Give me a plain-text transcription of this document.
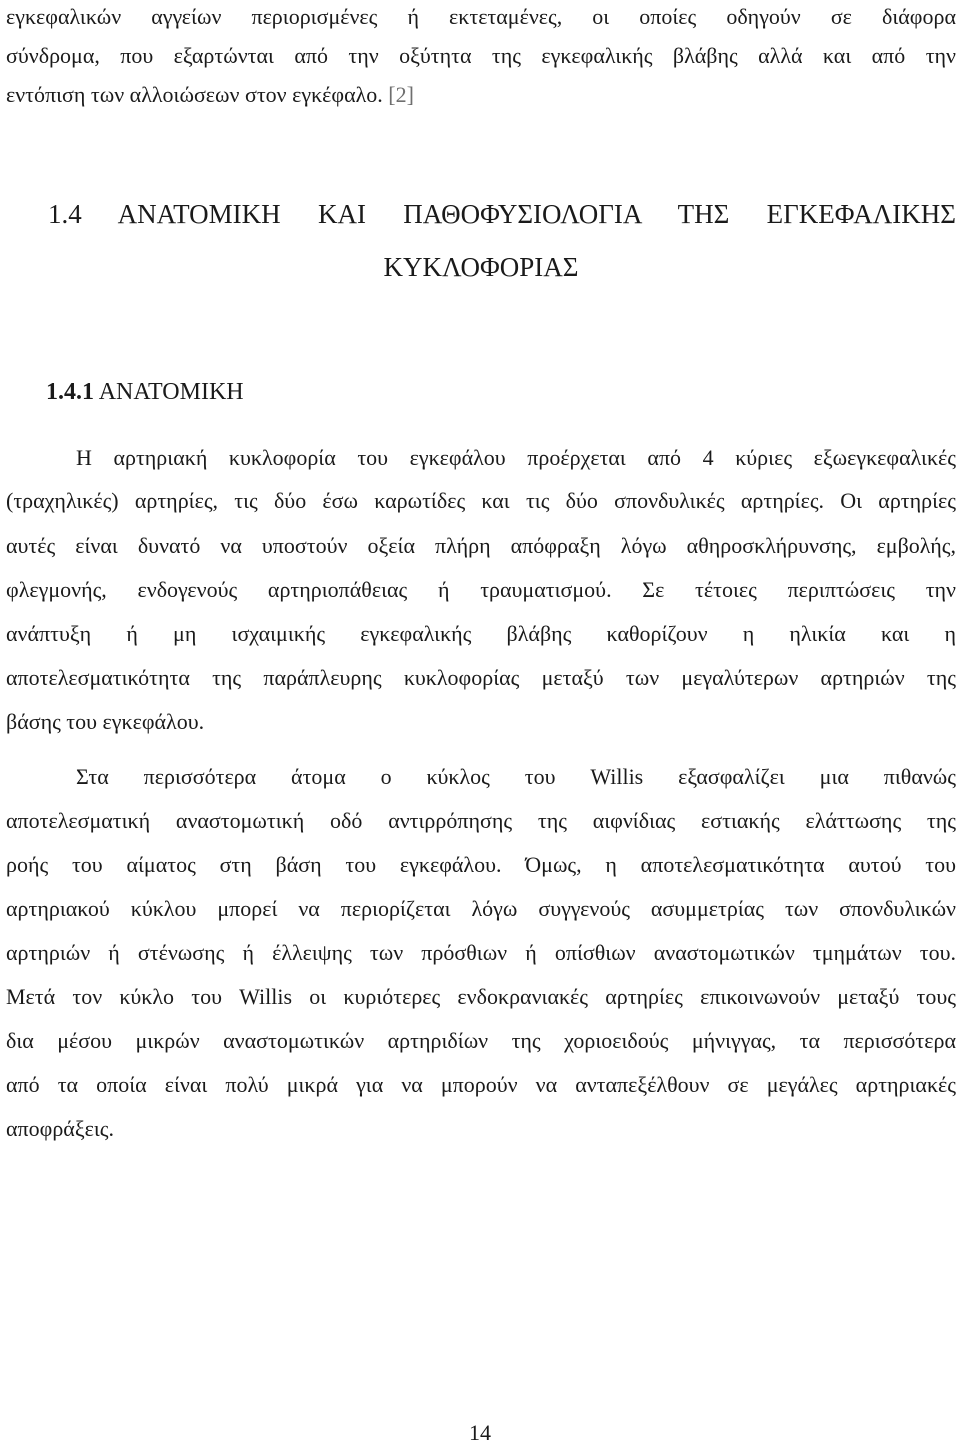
εγκεφαλικών αγγείων περιορισμένες ή εκτεταμένες, οι οποίες οδηγούν σε διάφορα
σύνδρομα, που εξαρτώνται από την οξύτητα της εγκεφαλικής βλάβης αλλά και από την
εντόπιση των αλλοιώσεων στον εγκέφαλο. [2]
1.4 ΑΝΑΤΟΜΙΚΗ ΚΑΙ ΠΑΘΟΦΥΣΙΟΛΟΓΙΑ ΤΗΣ ΕΓΚΕΦΑΛΙΚΗΣ
ΚΥΚΛΟΦΟΡΙΑΣ
1.4.1 ΑΝΑΤΟΜΙΚΗ
Η αρτηριακή κυκλοφορία του εγκεφάλου προέρχεται από 4 κύριες εξωεγκεφαλικές
(τραχηλικές) αρτηρίες, τις δύο έσω καρωτίδες και τις δύο σπονδυλικές αρτηρίες. Οι αρτηρίες
αυτές είναι δυνατό να υποστούν οξεία πλήρη απόφραξη λόγω αθηροσκλήρυνσης, εμβολής,
φλεγμονής, ενδογενούς αρτηριοπάθειας ή τραυματισμού. Σε τέτοιες περιπτώσεις την
ανάπτυξη ή μη ισχαιμικής εγκεφαλικής βλάβης καθορίζουν η ηλικία και η
αποτελεσματικότητα της παράπλευρης κυκλοφορίας μεταξύ των μεγαλύτερων αρτηριών της
βάσης του εγκεφάλου.
Στα περισσότερα άτομα ο κύκλος του Willis εξασφαλίζει μια πιθανώς
αποτελεσματική αναστομωτική οδό αντιρρόπησης της αιφνίδιας εστιακής ελάττωσης της
ροής του αίματος στη βάση του εγκεφάλου. Όμως, η αποτελεσματικότητα αυτού του
αρτηριακού κύκλου μπορεί να περιορίζεται λόγω συγγενούς ασυμμετρίας των σπονδυλικών
αρτηριών ή στένωσης ή έλλειψης των πρόσθιων ή οπίσθιων αναστομωτικών τμημάτων του.
Μετά τον κύκλο του Willis οι κυριότερες ενδοκρανιακές αρτηρίες επικοινωνούν μεταξύ τους
δια μέσου μικρών αναστομωτικών αρτηριδίων της χοριοειδούς μήνιγγας, τα περισσότερα
από τα οποία είναι πολύ μικρά για να μπορούν να ανταπεξέλθουν σε μεγάλες αρτηριακές
αποφράξεις.
14
